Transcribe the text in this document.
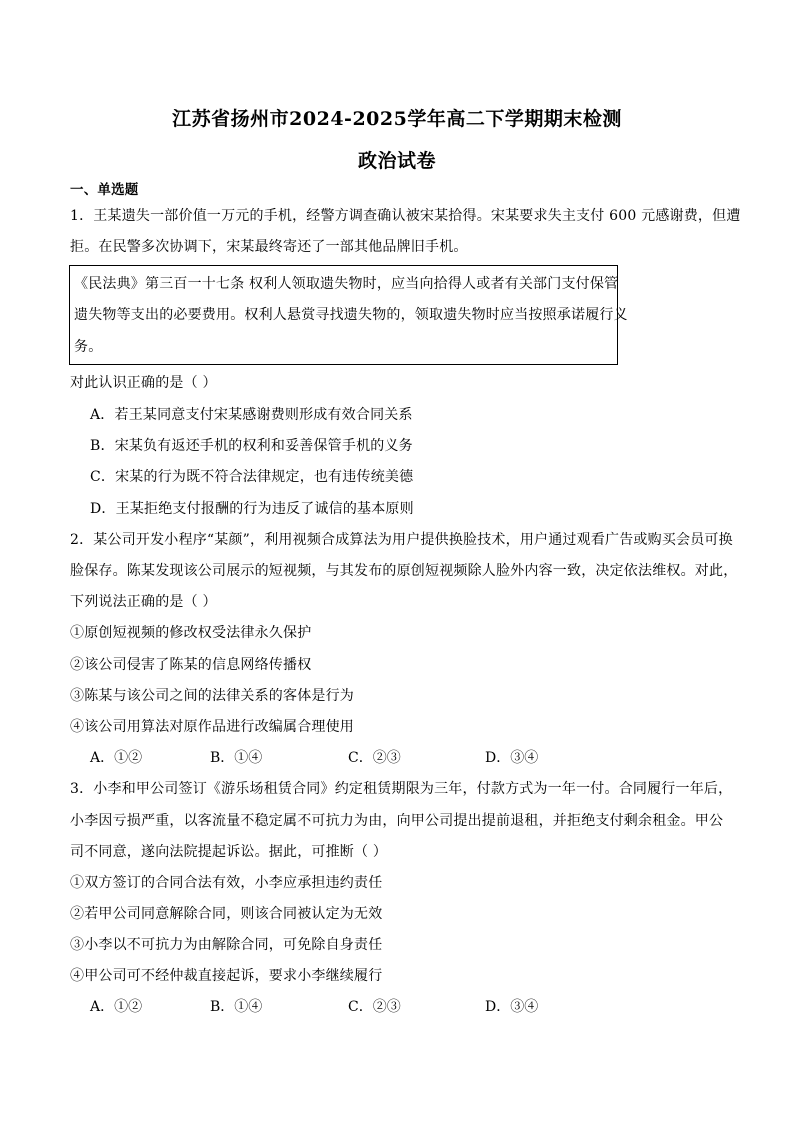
江苏省扬州市2024-2025学年高二下学期期末检测
政治试卷
一、单选题
1．王某遗失一部价值一万元的手机，经警方调查确认被宋某拾得。宋某要求失主支付 600 元感谢费，但遭
拒。在民警多次协调下，宋某最终寄还了一部其他品牌旧手机。
《民法典》第三百一十七条 权利人领取遗失物时，应当向拾得人或者有关部门支付保管
遗失物等支出的必要费用。权利人悬赏寻找遗失物的，领取遗失物时应当按照承诺履行义
务。
对此认识正确的是（ ）
A．若王某同意支付宋某感谢费则形成有效合同关系
B．宋某负有返还手机的权利和妥善保管手机的义务
C．宋某的行为既不符合法律规定，也有违传统美德
D．王某拒绝支付报酬的行为违反了诚信的基本原则
2．某公司开发小程序“某颜”，利用视频合成算法为用户提供换脸技术，用户通过观看广告或购买会员可换
脸保存。陈某发现该公司展示的短视频，与其发布的原创短视频除人脸外内容一致，决定依法维权。对此，
下列说法正确的是（ ）
①原创短视频的修改权受法律永久保护
②该公司侵害了陈某的信息网络传播权
③陈某与该公司之间的法律关系的客体是行为
④该公司用算法对原作品进行改编属合理使用
A．①②	B．①④	C．②③	D．③④
3．小李和甲公司签订《游乐场租赁合同》约定租赁期限为三年，付款方式为一年一付。合同履行一年后，
小李因亏损严重，以客流量不稳定属不可抗力为由，向甲公司提出提前退租，并拒绝支付剩余租金。甲公
司不同意，遂向法院提起诉讼。据此，可推断（ ）
①双方签订的合同合法有效，小李应承担违约责任
②若甲公司同意解除合同，则该合同被认定为无效
③小李以不可抗力为由解除合同，可免除自身责任
④甲公司可不经仲裁直接起诉，要求小李继续履行
A．①②	B．①④	C．②③	D．③④
